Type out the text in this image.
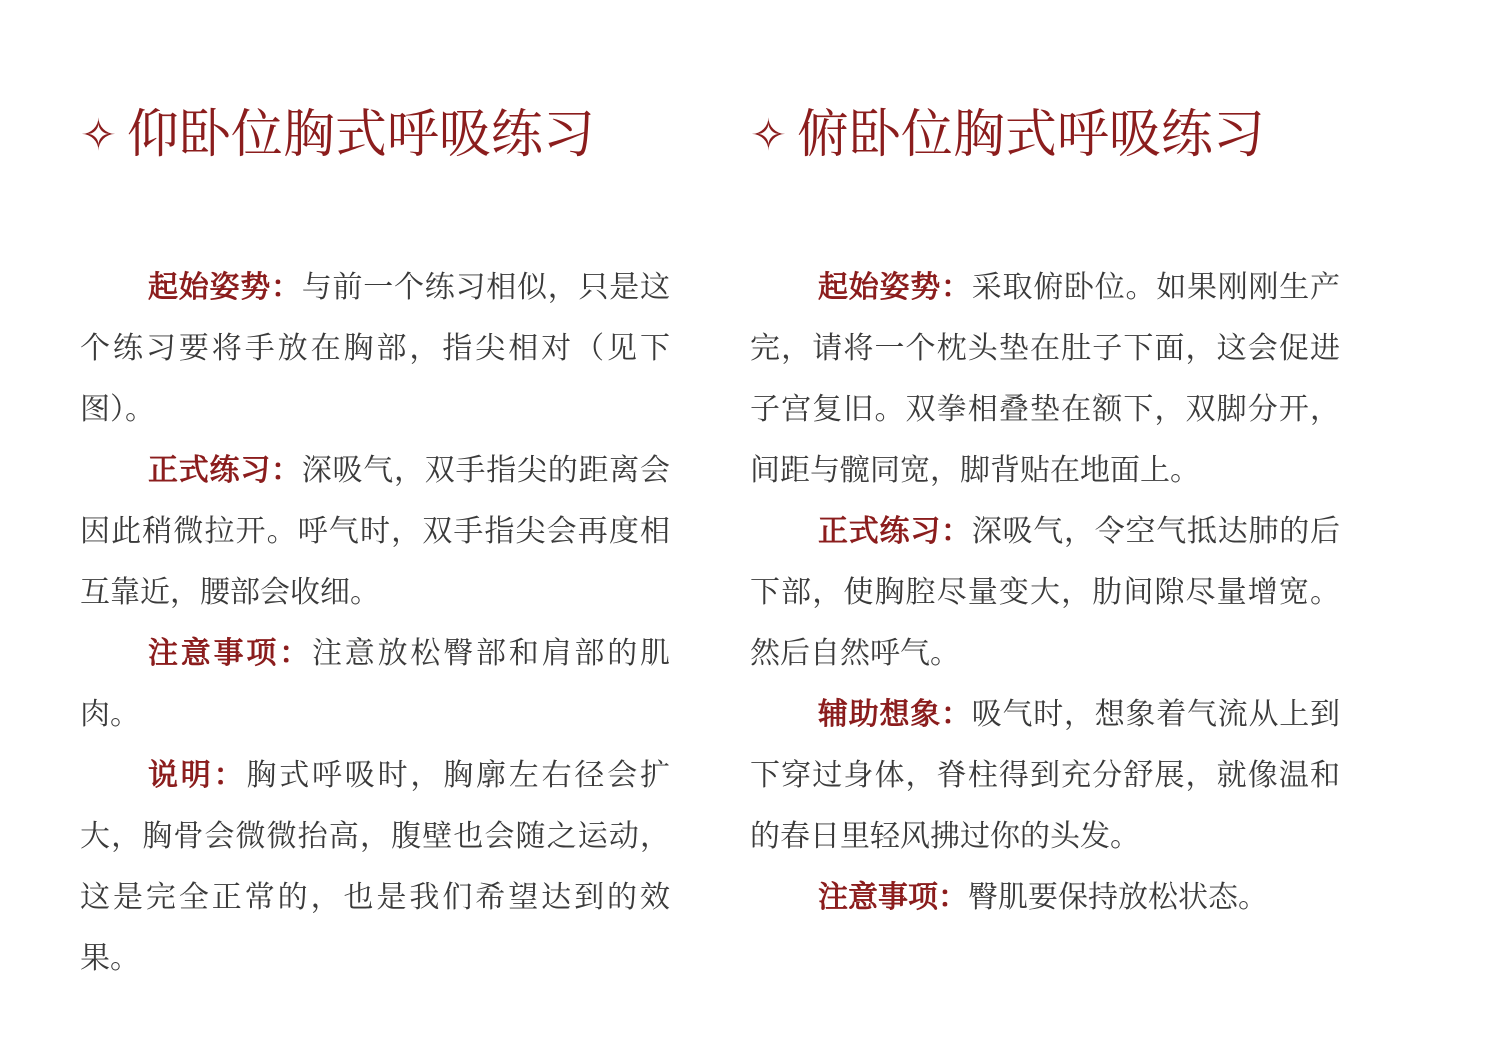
✧ 仰卧位胸式呼吸练习

起始姿势：与前一个练习相似，只是这个练习要将手放在胸部，指尖相对（见下图）。

正式练习：深吸气，双手指尖的距离会因此稍微拉开。呼气时，双手指尖会再度相互靠近，腰部会收细。

注意事项：注意放松臀部和肩部的肌肉。

说明：胸式呼吸时，胸廓左右径会扩大，胸骨会微微抬高，腹壁也会随之运动，这是完全正常的，也是我们希望达到的效果。

✧ 俯卧位胸式呼吸练习

起始姿势：采取俯卧位。如果刚刚生产完，请将一个枕头垫在肚子下面，这会促进子宫复旧。双拳相叠垫在额下，双脚分开，间距与髋同宽，脚背贴在地面上。

正式练习：深吸气，令空气抵达肺的后下部，使胸腔尽量变大，肋间隙尽量增宽。然后自然呼气。

辅助想象：吸气时，想象着气流从上到下穿过身体，脊柱得到充分舒展，就像温和的春日里轻风拂过你的头发。

注意事项：臀肌要保持放松状态。
